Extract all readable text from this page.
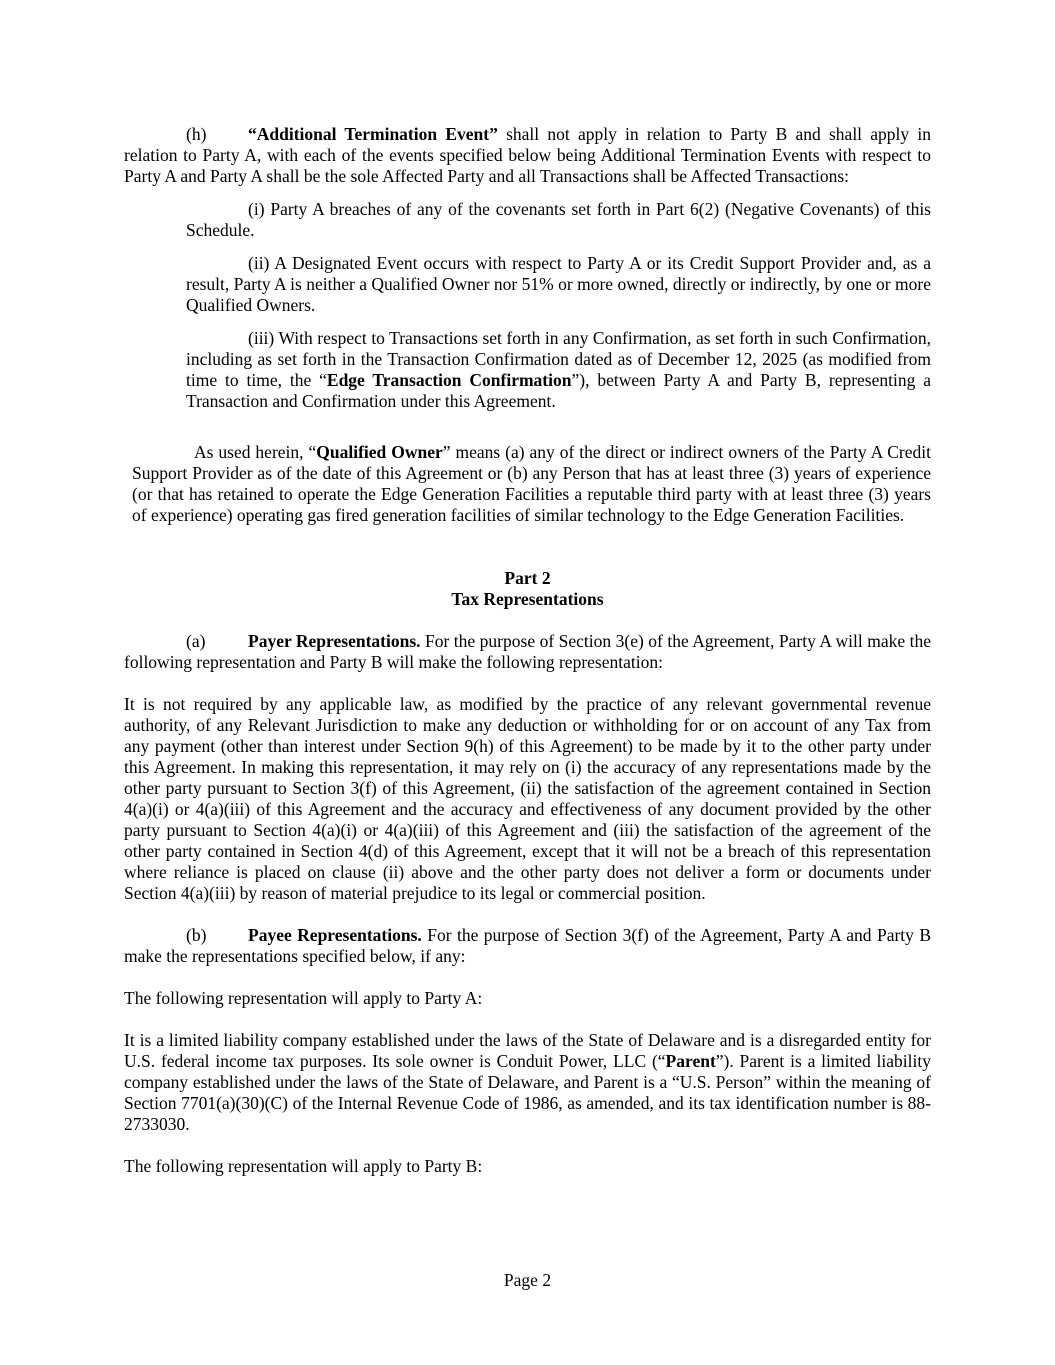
(h) “Additional Termination Event” shall not apply in relation to Party B and shall apply in relation to Party A, with each of the events specified below being Additional Termination Events with respect to Party A and Party A shall be the sole Affected Party and all Transactions shall be Affected Transactions:

(i) Party A breaches of any of the covenants set forth in Part 6(2) (Negative Covenants) of this Schedule.

(ii) A Designated Event occurs with respect to Party A or its Credit Support Provider and, as a result, Party A is neither a Qualified Owner nor 51% or more owned, directly or indirectly, by one or more Qualified Owners.

(iii) With respect to Transactions set forth in any Confirmation, as set forth in such Confirmation, including as set forth in the Transaction Confirmation dated as of December 12, 2025 (as modified from time to time, the “Edge Transaction Confirmation”), between Party A and Party B, representing a Transaction and Confirmation under this Agreement.

As used herein, “Qualified Owner” means (a) any of the direct or indirect owners of the Party A Credit Support Provider as of the date of this Agreement or (b) any Person that has at least three (3) years of experience (or that has retained to operate the Edge Generation Facilities a reputable third party with at least three (3) years of experience) operating gas fired generation facilities of similar technology to the Edge Generation Facilities.

Part 2

Tax Representations

(a) Payer Representations. For the purpose of Section 3(e) of the Agreement, Party A will make the following representation and Party B will make the following representation:

It is not required by any applicable law, as modified by the practice of any relevant governmental revenue authority, of any Relevant Jurisdiction to make any deduction or withholding for or on account of any Tax from any payment (other than interest under Section 9(h) of this Agreement) to be made by it to the other party under this Agreement. In making this representation, it may rely on (i) the accuracy of any representations made by the other party pursuant to Section 3(f) of this Agreement, (ii) the satisfaction of the agreement contained in Section 4(a)(i) or 4(a)(iii) of this Agreement and the accuracy and effectiveness of any document provided by the other party pursuant to Section 4(a)(i) or 4(a)(iii) of this Agreement and (iii) the satisfaction of the agreement of the other party contained in Section 4(d) of this Agreement, except that it will not be a breach of this representation where reliance is placed on clause (ii) above and the other party does not deliver a form or documents under Section 4(a)(iii) by reason of material prejudice to its legal or commercial position.

(b) Payee Representations. For the purpose of Section 3(f) of the Agreement, Party A and Party B make the representations specified below, if any:

The following representation will apply to Party A:

It is a limited liability company established under the laws of the State of Delaware and is a disregarded entity for U.S. federal income tax purposes. Its sole owner is Conduit Power, LLC (“Parent”). Parent is a limited liability company established under the laws of the State of Delaware, and Parent is a “U.S. Person” within the meaning of Section 7701(a)(30)(C) of the Internal Revenue Code of 1986, as amended, and its tax identification number is 88-2733030.

The following representation will apply to Party B:

Page 2
